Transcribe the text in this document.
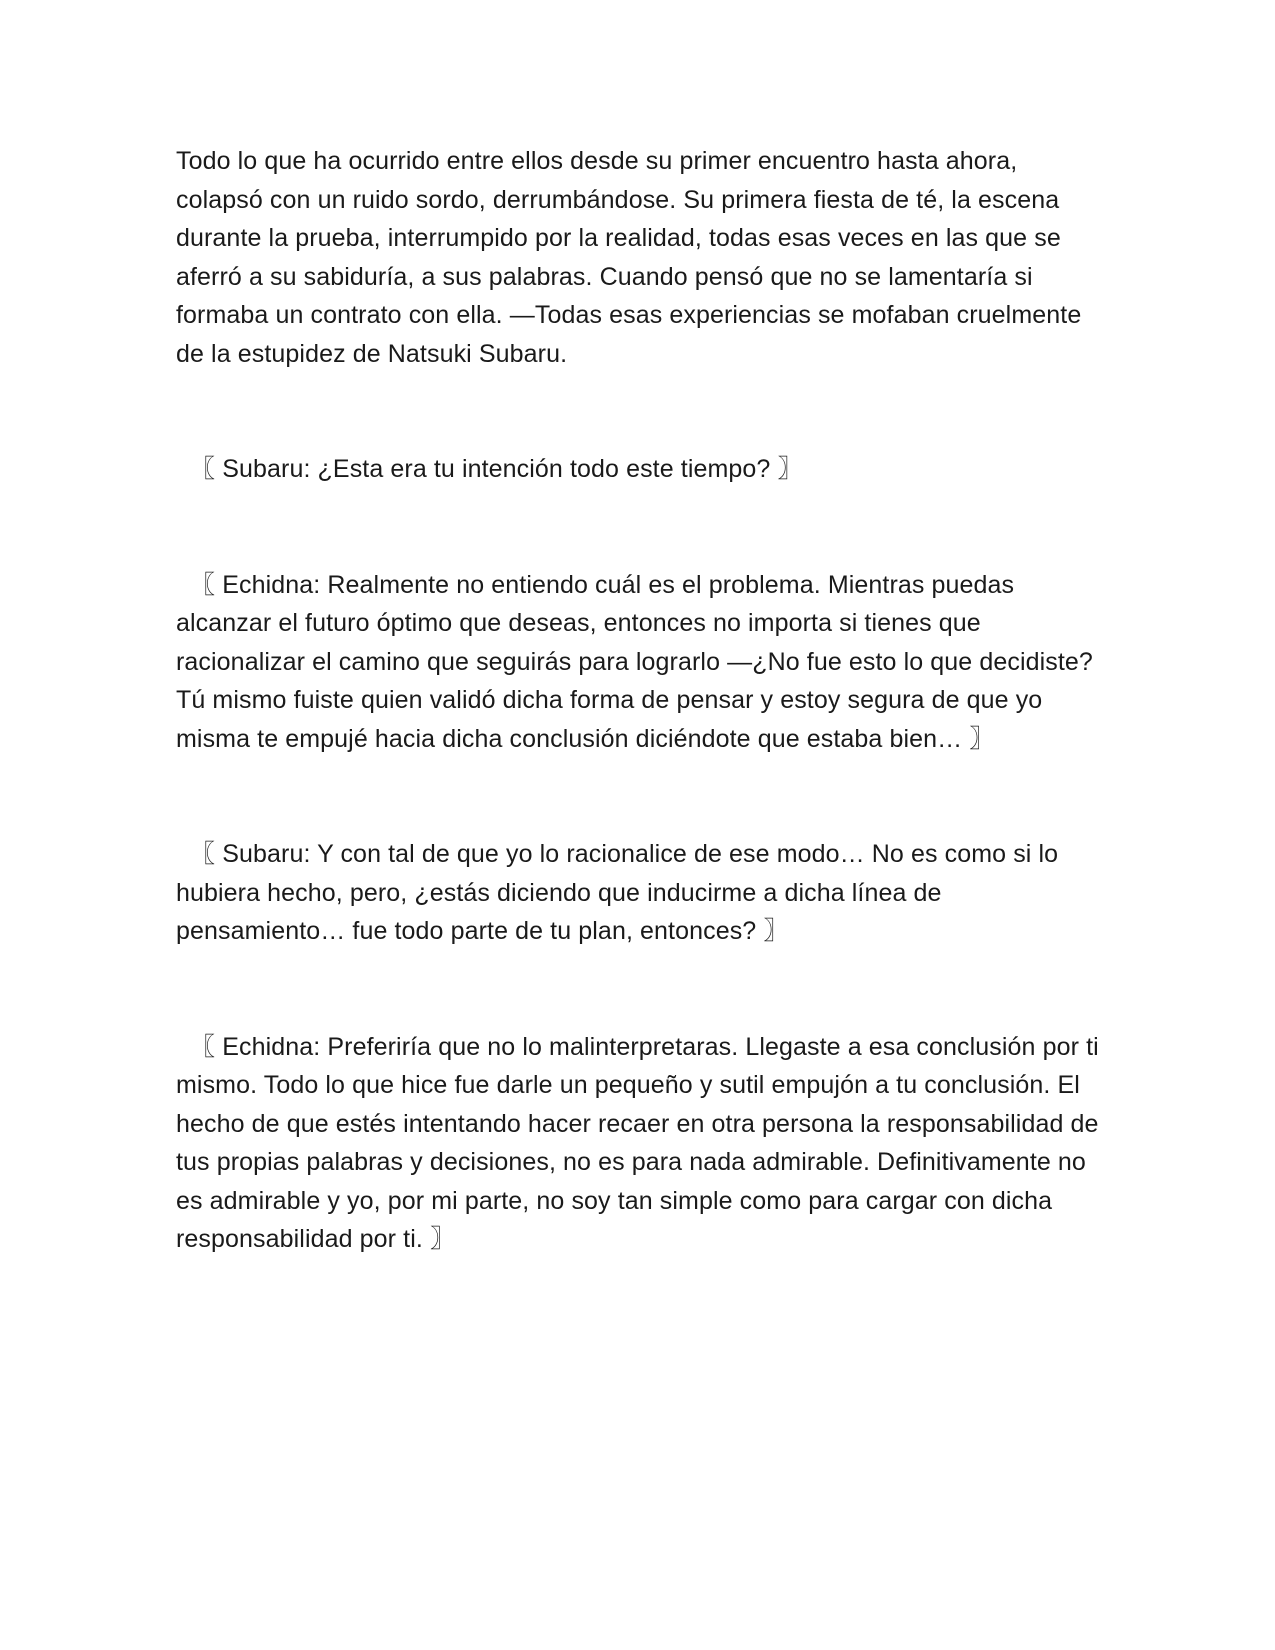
Todo lo que ha ocurrido entre ellos desde su primer encuentro hasta ahora, colapsó con un ruido sordo, derrumbándose. Su primera fiesta de té, la escena durante la prueba, interrumpido por la realidad, todas esas veces en las que se aferró a su sabiduría, a sus palabras. Cuando pensó que no se lamentaría si formaba un contrato con ella. —Todas esas experiencias se mofaban cruelmente de la estupidez de Natsuki Subaru.

〖 Subaru: ¿Esta era tu intención todo este tiempo? 〗

〖 Echidna: Realmente no entiendo cuál es el problema. Mientras puedas alcanzar el futuro óptimo que deseas, entonces no importa si tienes que racionalizar el camino que seguirás para lograrlo —¿No fue esto lo que decidiste? Tú mismo fuiste quien validó dicha forma de pensar y estoy segura de que yo misma te empujé hacia dicha conclusión diciéndote que estaba bien… 〗

〖 Subaru: Y con tal de que yo lo racionalice de ese modo… No es como si lo hubiera hecho, pero, ¿estás diciendo que inducirme a dicha línea de pensamiento… fue todo parte de tu plan, entonces? 〗

〖 Echidna: Preferiría que no lo malinterpretaras. Llegaste a esa conclusión por ti mismo. Todo lo que hice fue darle un pequeño y sutil empujón a tu conclusión. El hecho de que estés intentando hacer recaer en otra persona la responsabilidad de tus propias palabras y decisiones, no es para nada admirable. Definitivamente no es admirable y yo, por mi parte, no soy tan simple como para cargar con dicha responsabilidad por ti. 〗
